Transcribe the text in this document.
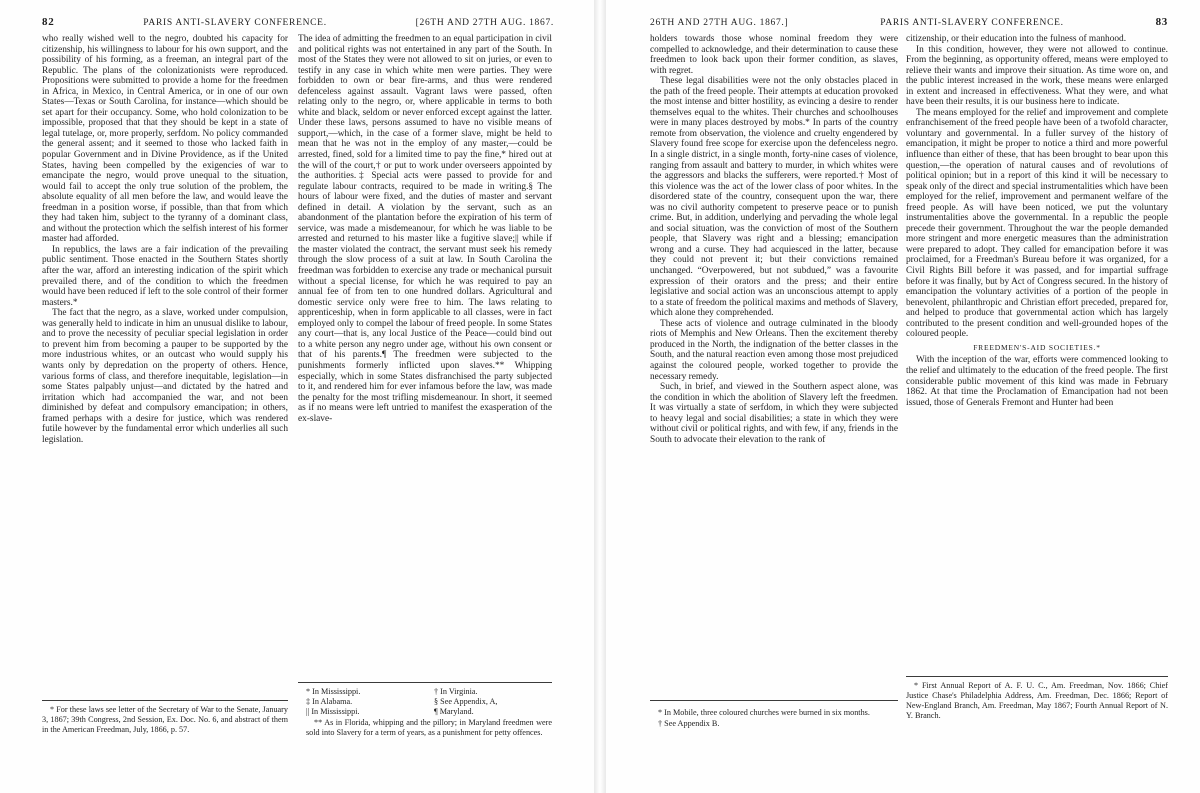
82	PARIS ANTI-SLAVERY CONFERENCE.	[26TH AND 27TH AUG. 1867.

who really wished well to the negro, doubted his capacity for citizenship, his willingness to labour for his own support, and the possibility of his forming, as a freeman, an integral part of the Republic. The plans of the colonizationists were reproduced. Propositions were submitted to provide a home for the freedmen in Africa, in Mexico, in Central America, or in one of our own States—Texas or South Carolina, for instance—which should be set apart for their occupancy. Some, who hold colonization to be impossible, proposed that that they should be kept in a state of legal tutelage, or, more properly, serfdom. No policy commanded the general assent; and it seemed to those who lacked faith in popular Government and in Divine Providence, as if the United States, having been compelled by the exigencies of war to emancipate the negro, would prove unequal to the situation, would fail to accept the only true solution of the problem, the absolute equality of all men before the law, and would leave the freedman in a position worse, if possible, than that from which they had taken him, subject to the tyranny of a dominant class, and without the protection which the selfish interest of his former master had afforded.

In republics, the laws are a fair indication of the prevailing public sentiment. Those enacted in the Southern States shortly after the war, afford an interesting indication of the spirit which prevailed there, and of the condition to which the freedmen would have been reduced if left to the sole control of their former masters.*

The fact that the negro, as a slave, worked under compulsion, was generally held to indicate in him an unusual dislike to labour, and to prove the necessity of peculiar special legislation in order to prevent him from becoming a pauper to be supported by the more industrious whites, or an outcast who would supply his wants only by depredation on the property of others. Hence, various forms of class, and therefore inequitable, legislation—in some States palpably unjust—and dictated by the hatred and irritation which had accompanied the war, and not been diminished by defeat and compulsory emancipation; in others, framed perhaps with a desire for justice, which was rendered futile however by the fundamental error which underlies all such legislation.

The idea of admitting the freedmen to an equal participation in civil and political rights was not entertained in any part of the South. In most of the States they were not allowed to sit on juries, or even to testify in any case in which white men were parties. They were forbidden to own or bear fire-arms, and thus were rendered defenceless against assault. Vagrant laws were passed, often relating only to the negro, or, where applicable in terms to both white and black, seldom or never enforced except against the latter. Under these laws, persons assumed to have no visible means of support,—which, in the case of a former slave, might be held to mean that he was not in the employ of any master,—could be arrested, fined, sold for a limited time to pay the fine,* hired out at the will of the court,† or put to work under overseers appointed by the authorities.‡ Special acts were passed to provide for and regulate labour contracts, required to be made in writing.§ The hours of labour were fixed, and the duties of master and servant defined in detail. A violation by the servant, such as an abandonment of the plantation before the expiration of his term of service, was made a misdemeanour, for which he was liable to be arrested and returned to his master like a fugitive slave;|| while if the master violated the contract, the servant must seek his remedy through the slow process of a suit at law. In South Carolina the freedman was forbidden to exercise any trade or mechanical pursuit without a special license, for which he was required to pay an annual fee of from ten to one hundred dollars. Agricultural and domestic service only were free to him. The laws relating to apprenticeship, when in form applicable to all classes, were in fact employed only to compel the labour of freed people. In some States any court—that is, any local Justice of the Peace—could bind out to a white person any negro under age, without his own consent or that of his parents.¶ The freedmen were subjected to the punishments formerly inflicted upon slaves.** Whipping especially, which in some States disfranchised the party subjected to it, and rendered him for ever infamous before the law, was made the penalty for the most trifling misdemeanour. In short, it seemed as if no means were left untried to manifest the exasperation of the ex-slave-

* For these laws see letter of the Secretary of War to the Senate, January 3, 1867; 39th Congress, 2nd Session, Ex. Doc. No. 6, and abstract of them in the American Freedman, July, 1866, p. 57.

* In Mississippi.	† In Virginia.
‡ In Alabama.	§ See Appendix, A,
|| In Mississippi.	¶ Maryland.

** As in Florida, whipping and the pillory; in Maryland freedmen were sold into Slavery for a term of years, as a punishment for petty offences.

26TH AND 27TH AUG. 1867.]	PARIS ANTI-SLAVERY CONFERENCE.	83

holders towards those whose nominal freedom they were compelled to acknowledge, and their determination to cause these freedmen to look back upon their former condition, as slaves, with regret.

These legal disabilities were not the only obstacles placed in the path of the freed people. Their attempts at education provoked the most intense and bitter hostility, as evincing a desire to render themselves equal to the whites. Their churches and schoolhouses were in many places destroyed by mobs.* In parts of the country remote from observation, the violence and cruelty engendered by Slavery found free scope for exercise upon the defenceless negro. In a single district, in a single month, forty-nine cases of violence, ranging from assault and battery to murder, in which whites were the aggressors and blacks the sufferers, were reported.† Most of this violence was the act of the lower class of poor whites. In the disordered state of the country, consequent upon the war, there was no civil authority competent to preserve peace or to punish crime. But, in addition, underlying and pervading the whole legal and social situation, was the conviction of most of the Southern people, that Slavery was right and a blessing; emancipation wrong and a curse. They had acquiesced in the latter, because they could not prevent it; but their convictions remained unchanged. “Overpowered, but not subdued,” was a favourite expression of their orators and the press; and their entire legislative and social action was an unconscious attempt to apply to a state of freedom the political maxims and methods of Slavery, which alone they comprehended.

These acts of violence and outrage culminated in the bloody riots of Memphis and New Orleans. Then the excitement thereby produced in the North, the indignation of the better classes in the South, and the natural reaction even among those most prejudiced against the coloured people, worked together to provide the necessary remedy.

Such, in brief, and viewed in the Southern aspect alone, was the condition in which the abolition of Slavery left the freedmen. It was virtually a state of serfdom, in which they were subjected to heavy legal and social disabilities; a state in which they were without civil or political rights, and with few, if any, friends in the South to advocate their elevation to the rank of

citizenship, or their education into the fulness of manhood.

In this condition, however, they were not allowed to continue. From the beginning, as opportunity offered, means were employed to relieve their wants and improve their situation. As time wore on, and the public interest increased in the work, these means were enlarged in extent and increased in effectiveness. What they were, and what have been their results, it is our business here to indicate.

The means employed for the relief and improvement and complete enfranchisement of the freed people have been of a twofold character, voluntary and governmental. In a fuller survey of the history of emancipation, it might be proper to notice a third and more powerful influence than either of these, that has been brought to bear upon this question,—the operation of natural causes and of revolutions of political opinion; but in a report of this kind it will be necessary to speak only of the direct and special instrumentalities which have been employed for the relief, improvement and permanent welfare of the freed people. As will have been noticed, we put the voluntary instrumentalities above the governmental. In a republic the people precede their government. Throughout the war the people demanded more stringent and more energetic measures than the administration were prepared to adopt. They called for emancipation before it was proclaimed, for a Freedman's Bureau before it was organized, for a Civil Rights Bill before it was passed, and for impartial suffrage before it was finally, but by Act of Congress secured. In the history of emancipation the voluntary activities of a portion of the people in benevolent, philanthropic and Christian effort preceded, prepared for, and helped to produce that governmental action which has largely contributed to the present condition and well-grounded hopes of the coloured people.

FREEDMEN'S-AID SOCIETIES.*

With the inception of the war, efforts were commenced looking to the relief and ultimately to the education of the freed people. The first considerable public movement of this kind was made in February 1862. At that time the Proclamation of Emancipation had not been issued, those of Generals Fremont and Hunter had been

* In Mobile, three coloured churches were burned in six months.

† See Appendix B.

* First Annual Report of A. F. U. C., Am. Freedman, Nov. 1866; Chief Justice Chase's Philadelphia Address, Am. Freedman, Dec. 1866; Report of New-England Branch, Am. Freedman, May 1867; Fourth Annual Report of N. Y. Branch.
